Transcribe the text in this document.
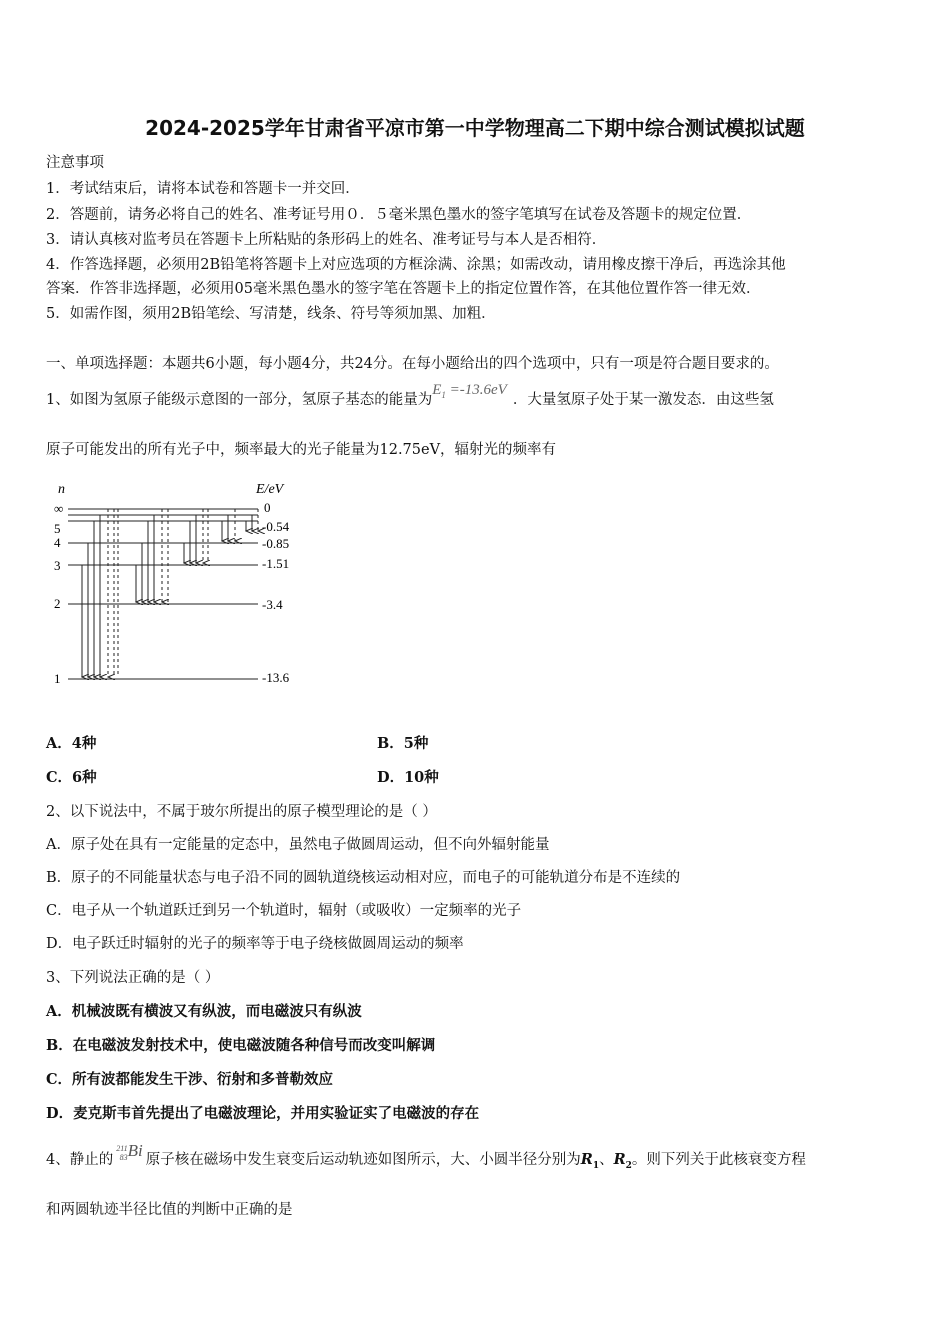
2024-2025学年甘肃省平凉市第一中学物理高二下期中综合测试模拟试题
注意事项
1．考试结束后，请将本试卷和答题卡一并交回．
2．答题前，请务必将自己的姓名、准考证号用０．５毫米黑色墨水的签字笔填写在试卷及答题卡的规定位置．
3．请认真核对监考员在答题卡上所粘贴的条形码上的姓名、准考证号与本人是否相符．
4．作答选择题，必须用2B铅笔将答题卡上对应选项的方框涂满、涂黑；如需改动，请用橡皮擦干净后，再选涂其他
答案．作答非选择题，必须用05毫米黑色墨水的签字笔在答题卡上的指定位置作答，在其他位置作答一律无效．
5．如需作图，须用2B铅笔绘、写清楚，线条、符号等须加黑、加粗．
一、单项选择题：本题共6小题，每小题4分，共24分。在每小题给出的四个选项中，只有一项是符合题目要求的。
1、如图为氢原子能级示意图的一部分，氢原子基态的能量为$E_1 =-13.6eV$．大量氢原子处于某一激发态．由这些氢
原子可能发出的所有光子中，频率最大的光子能量为12.75eV，辐射光的频率有
n	E/eV
∞
5
4
3
2
1
0
-0.54
-0.85
-1.51
-3.4
-13.6
A．4种	B．5种
C．6种	D．10种
2、以下说法中，不属于玻尔所提出的原子模型理论的是（ ）
A．原子处在具有一定能量的定态中，虽然电子做圆周运动，但不向外辐射能量
B．原子的不同能量状态与电子沿不同的圆轨道绕核运动相对应，而电子的可能轨道分布是不连续的
C．电子从一个轨道跃迁到另一个轨道时，辐射（或吸收）一定频率的光子
D．电子跃迁时辐射的光子的频率等于电子绕核做圆周运动的频率
3、下列说法正确的是（ ）
A．机械波既有横波又有纵波，而电磁波只有纵波
B．在电磁波发射技术中，使电磁波随各种信号而改变叫解调
C．所有波都能发生干涉、衍射和多普勒效应
D．麦克斯韦首先提出了电磁波理论，并用实验证实了电磁波的存在
4、静止的
211
83 Bi 原子核在磁场中发生衰变后运动轨迹如图所示，大、小圆半径分别为$R_1$、$R_2$。则下列关于此核衰变方程
和两圆轨迹半径比值的判断中正确的是
